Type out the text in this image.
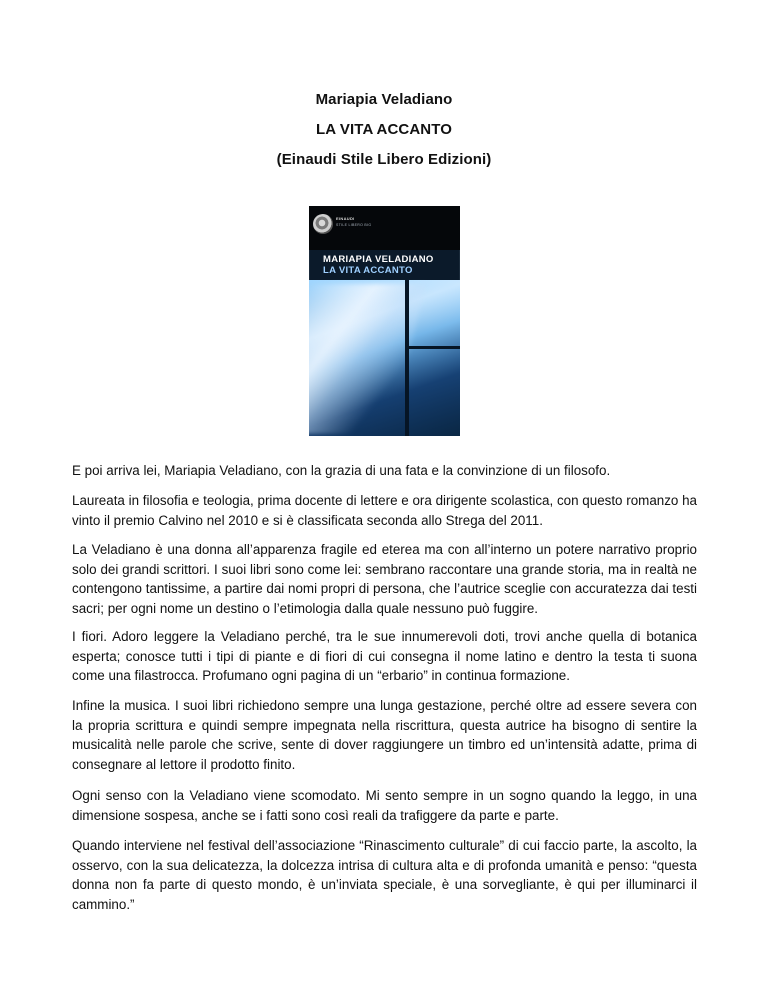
Mariapia Veladiano
LA VITA ACCANTO
(Einaudi Stile Libero Edizioni)
EINAUDI
STILE LIBERO BIG
MARIAPIA VELADIANO
LA VITA ACCANTO
E poi arriva lei, Mariapia Veladiano, con la grazia di una fata e la convinzione di un filosofo.
Laureata in filosofia e teologia, prima docente di lettere e ora dirigente scolastica, con questo romanzo ha vinto il premio Calvino nel 2010 e si è classificata seconda allo Strega del 2011.
La Veladiano è una donna all’apparenza fragile ed eterea ma con all’interno un potere narrativo proprio solo dei grandi scrittori. I suoi libri sono come lei: sembrano raccontare una grande storia, ma in realtà ne contengono tantissime, a partire dai nomi propri di persona, che l’autrice sceglie con accuratezza dai testi sacri; per ogni nome un destino o l’etimologia dalla quale nessuno può fuggire.
I fiori. Adoro leggere la Veladiano perché, tra le sue innumerevoli doti, trovi anche quella di botanica esperta; conosce tutti i tipi di piante e di fiori di cui consegna il nome latino e dentro la testa ti suona come una filastrocca. Profumano ogni pagina di un “erbario” in continua formazione.
Infine la musica. I suoi libri richiedono sempre una lunga gestazione, perché oltre ad essere severa con la propria scrittura e quindi sempre impegnata nella riscrittura, questa autrice ha bisogno di sentire la musicalità nelle parole che scrive, sente di dover raggiungere un timbro ed un’intensità adatte, prima di consegnare al lettore il prodotto finito.
Ogni senso con la Veladiano viene scomodato. Mi sento sempre in un sogno quando la leggo, in una dimensione sospesa, anche se i fatti sono così reali da trafiggere da parte e parte.
Quando interviene nel festival dell’associazione “Rinascimento culturale” di cui faccio parte, la ascolto, la osservo, con la sua delicatezza, la dolcezza intrisa di cultura alta e di profonda umanità e penso: “questa donna non fa parte di questo mondo, è un’inviata speciale, è una sorvegliante, è qui per illuminarci il cammino.”
